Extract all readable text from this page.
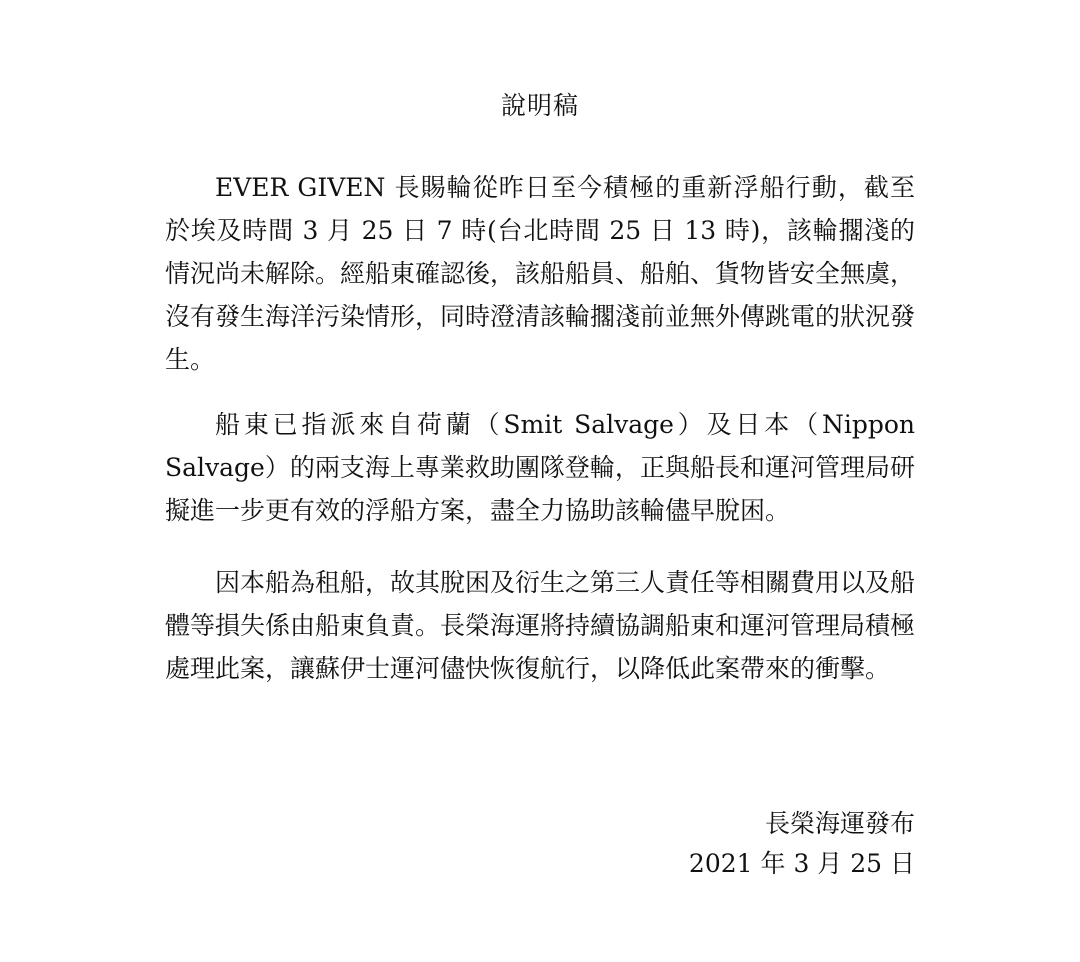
說明稿

EVER GIVEN 長賜輪從昨日至今積極的重新浮船行動，截至於埃及時間 3 月 25 日 7 時(台北時間 25 日 13 時)，該輪擱淺的情況尚未解除。經船東確認後，該船船員、船舶、貨物皆安全無虞，沒有發生海洋污染情形，同時澄清該輪擱淺前並無外傳跳電的狀況發生。

船東已指派來自荷蘭（Smit Salvage）及日本（Nippon Salvage）的兩支海上專業救助團隊登輪，正與船長和運河管理局研擬進一步更有效的浮船方案，盡全力協助該輪儘早脫困。

因本船為租船，故其脫困及衍生之第三人責任等相關費用以及船體等損失係由船東負責。長榮海運將持續協調船東和運河管理局積極處理此案，讓蘇伊士運河儘快恢復航行，以降低此案帶來的衝擊。

長榮海運發布
2021 年 3 月 25 日
